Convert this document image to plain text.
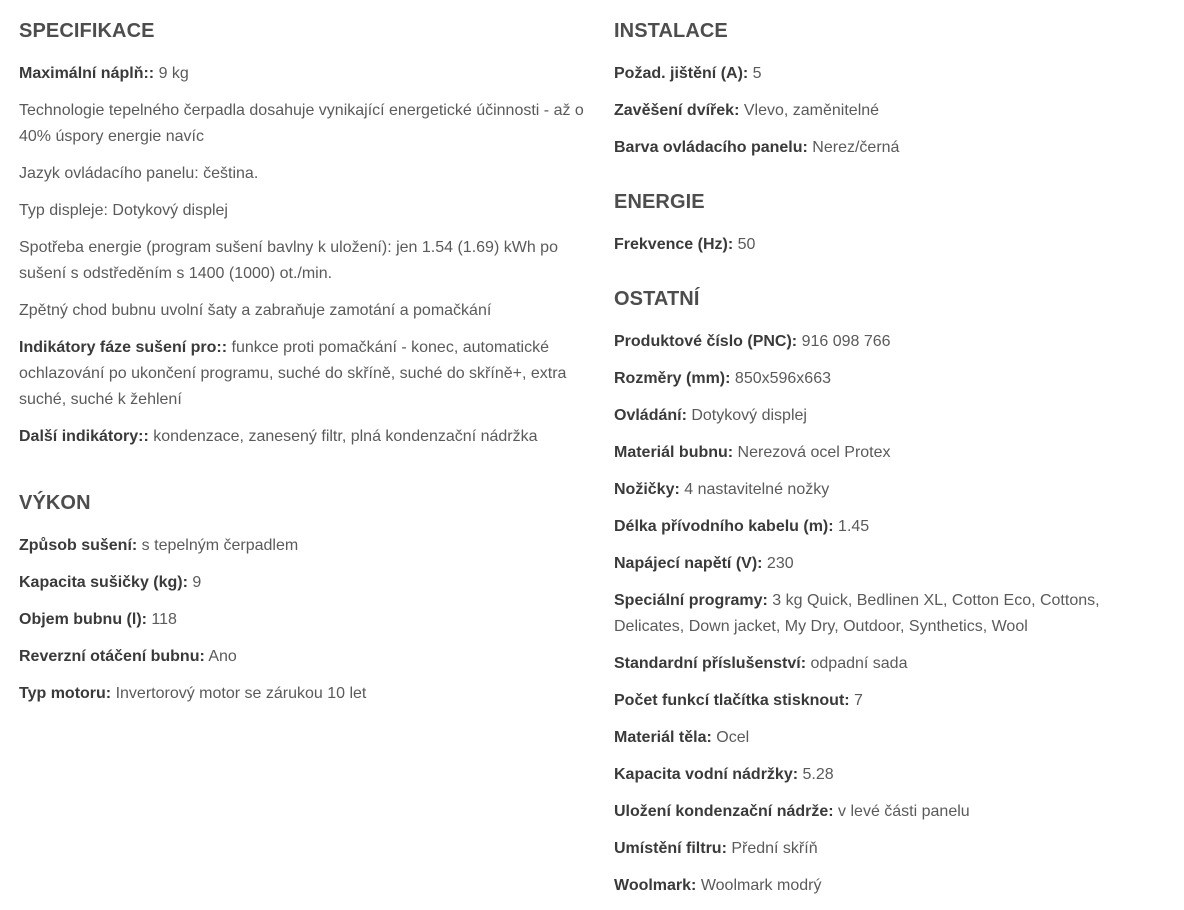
SPECIFIKACE

Maximální náplň:: 9 kg

Technologie tepelného čerpadla dosahuje vynikající energetické účinnosti - až o 40% úspory energie navíc

Jazyk ovládacího panelu: čeština.

Typ displeje: Dotykový displej

Spotřeba energie (program sušení bavlny k uložení): jen 1.54 (1.69) kWh po sušení s odstředěním s 1400 (1000) ot./min.

Zpětný chod bubnu uvolní šaty a zabraňuje zamotání a pomačkání

Indikátory fáze sušení pro:: funkce proti pomačkání - konec, automatické ochlazování po ukončení programu, suché do skříně, suché do skříně+, extra suché, suché k žehlení

Další indikátory:: kondenzace, zanesený filtr, plná kondenzační nádržka

VÝKON

Způsob sušení: s tepelným čerpadlem

Kapacita sušičky (kg): 9

Objem bubnu (l): 118

Reverzní otáčení bubnu: Ano

Typ motoru: Invertorový motor se zárukou 10 let

INSTALACE

Požad. jištění (A): 5

Zavěšení dvířek: Vlevo, zaměnitelné

Barva ovládacího panelu: Nerez/černá

ENERGIE

Frekvence (Hz): 50

OSTATNÍ

Produktové číslo (PNC): 916 098 766

Rozměry (mm): 850x596x663

Ovládání: Dotykový displej

Materiál bubnu: Nerezová ocel Protex

Nožičky: 4 nastavitelné nožky

Délka přívodního kabelu (m): 1.45

Napájecí napětí (V): 230

Speciální programy: 3 kg Quick, Bedlinen XL, Cotton Eco, Cottons, Delicates, Down jacket, My Dry, Outdoor, Synthetics, Wool

Standardní příslušenství: odpadní sada

Počet funkcí tlačítka stisknout: 7

Materiál těla: Ocel

Kapacita vodní nádržky: 5.28

Uložení kondenzační nádrže: v levé části panelu

Umístění filtru: Přední skříň

Woolmark: Woolmark modrý
